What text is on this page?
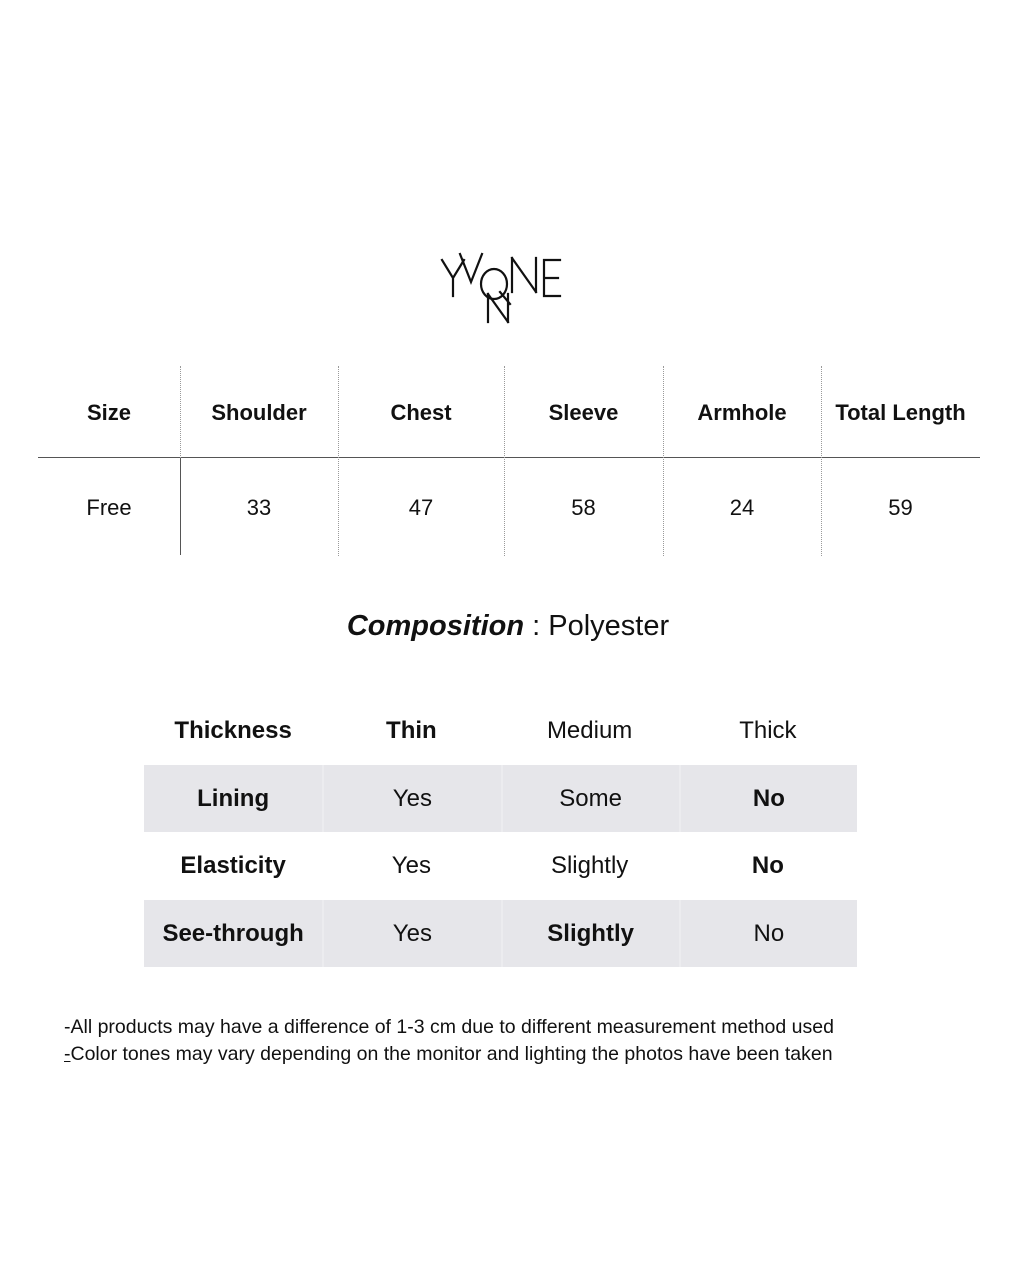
Size	Shoulder	Chest	Sleeve	Armhole	Total Length
Free	33	47	58	24	59
Composition : Polyester
Thickness	Thin	Medium	Thick
Lining	Yes	Some	No
Elasticity	Yes	Slightly	No
See-through	Yes	Slightly	No
-All products may have a difference of 1-3 cm due to different measurement method used
-Color tones may vary depending on the monitor and lighting the photos have been taken
